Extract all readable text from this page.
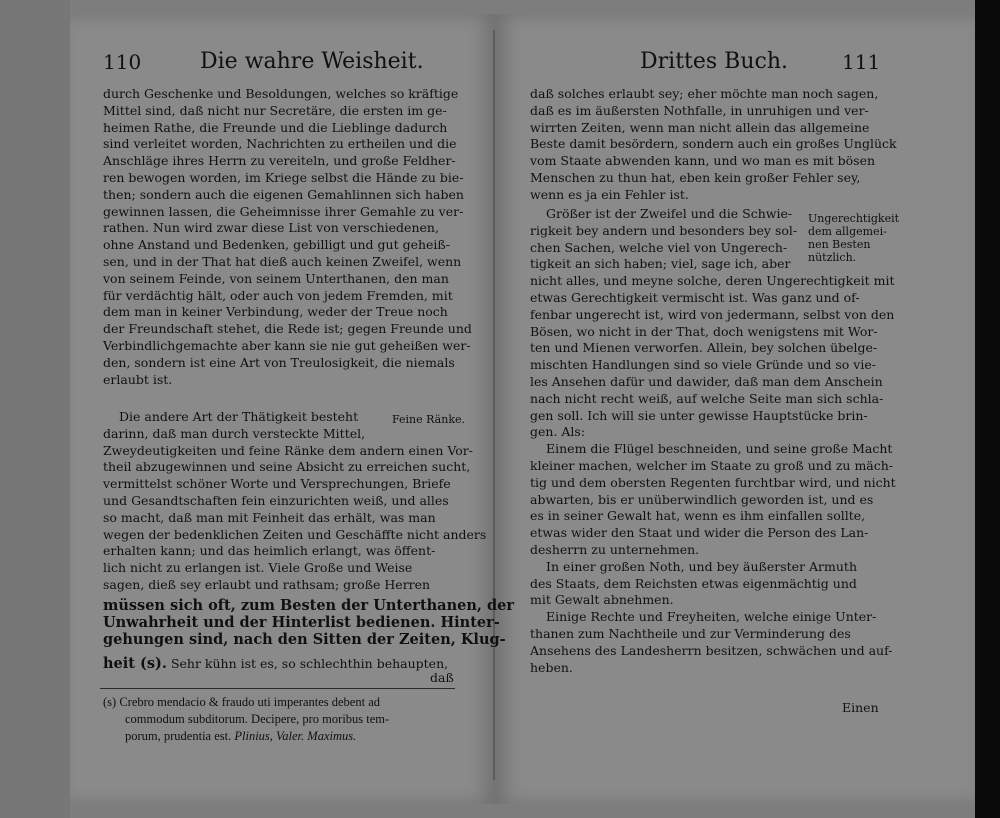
110	Die wahre Weisheit.
durch Geschenke und Besoldungen, welches so kräftige
Mittel sind, daß nicht nur Secretäre, die ersten im ge-
heimen Rathe, die Freunde und die Lieblinge dadurch
sind verleitet worden, Nachrichten zu ertheilen und die
Anschläge ihres Herrn zu vereiteln, und große Feldher-
ren bewogen worden, im Kriege selbst die Hände zu bie-
then; sondern auch die eigenen Gemahlinnen sich haben
gewinnen lassen, die Geheimnisse ihrer Gemahle zu ver-
rathen. Nun wird zwar diese List von verschiedenen,
ohne Anstand und Bedenken, gebilligt und gut geheiß-
sen, und in der That hat dieß auch keinen Zweifel, wenn
von seinem Feinde, von seinem Unterthanen, den man
für verdächtig hält, oder auch von jedem Fremden, mit
dem man in keiner Verbindung, weder der Treue noch
der Freundschaft stehet, die Rede ist; gegen Freunde und
Verbindlichgemachte aber kann sie nie gut geheißen wer-
den, sondern ist eine Art von Treulosigkeit, die niemals
erlaubt ist.
Feine Ränke.
Die andere Art der Thätigkeit besteht
darinn, daß man durch versteckte Mittel,
Zweydeutigkeiten und feine Ränke dem andern einen Vor-
theil abzugewinnen und seine Absicht zu erreichen sucht,
vermittelst schöner Worte und Versprechungen, Briefe
und Gesandtschaften fein einzurichten weiß, und alles
so macht, daß man mit Feinheit das erhält, was man
wegen der bedenklichen Zeiten und Geschäffte nicht anders
erhalten kann; und das heimlich erlangt, was öffent-
lich nicht zu erlangen ist. Viele Große und Weise
sagen, dieß sey erlaubt und rathsam; große Herren
müssen sich oft, zum Besten der Unterthanen, der
Unwahrheit und der Hinterlist bedienen. Hinter-
gehungen sind, nach den Sitten der Zeiten, Klug-
heit (s). Sehr kühn ist es, so schlechthin behaupten,
daß
(s) Crebro mendacio & fraudo uti imperantes debent ad
commodum subditorum. Decipere, pro moribus tem-
porum, prudentia est. Plinius, Valer. Maximus.
Drittes Buch.	111
daß solches erlaubt sey; eher möchte man noch sagen,
daß es im äußersten Nothfalle, in unruhigen und ver-
wirrten Zeiten, wenn man nicht allein das allgemeine
Beste damit besördern, sondern auch ein großes Unglück
vom Staate abwenden kann, und wo man es mit bösen
Menschen zu thun hat, eben kein großer Fehler sey,
wenn es ja ein Fehler ist.
Ungerechtigkeit
dem allgemei-
nen Besten
nützlich.
Größer ist der Zweifel und die Schwie-
rigkeit bey andern und besonders bey sol-
chen Sachen, welche viel von Ungerech-
tigkeit an sich haben; viel, sage ich, aber
nicht alles, und meyne solche, deren Ungerechtigkeit mit
etwas Gerechtigkeit vermischt ist. Was ganz und of-
fenbar ungerecht ist, wird von jedermann, selbst von den
Bösen, wo nicht in der That, doch wenigstens mit Wor-
ten und Mienen verworfen. Allein, bey solchen übelge-
mischten Handlungen sind so viele Gründe und so vie-
les Ansehen dafür und dawider, daß man dem Anschein
nach nicht recht weiß, auf welche Seite man sich schla-
gen soll. Ich will sie unter gewisse Hauptstücke brin-
gen. Als:
Einem die Flügel beschneiden, und seine große Macht
kleiner machen, welcher im Staate zu groß und zu mäch-
tig und dem obersten Regenten furchtbar wird, und nicht
abwarten, bis er unüberwindlich geworden ist, und es
es in seiner Gewalt hat, wenn es ihm einfallen sollte,
etwas wider den Staat und wider die Person des Lan-
desherrn zu unternehmen.
In einer großen Noth, und bey äußerster Armuth
des Staats, dem Reichsten etwas eigenmächtig und
mit Gewalt abnehmen.
Einige Rechte und Freyheiten, welche einige Unter-
thanen zum Nachtheile und zur Verminderung des
Ansehens des Landesherrn besitzen, schwächen und auf-
heben.
Einen
